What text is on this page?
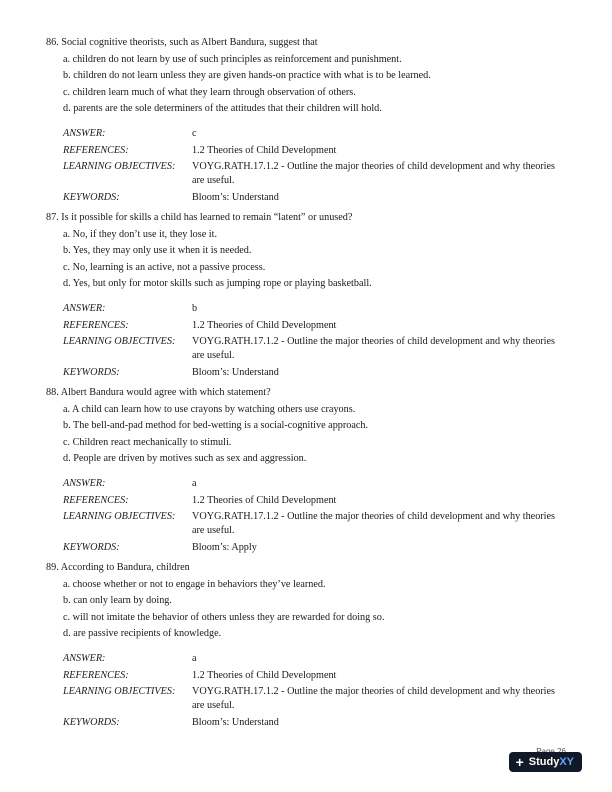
86. Social cognitive theorists, such as Albert Bandura, suggest that

a. children do not learn by use of such principles as reinforcement and punishment.
b. children do not learn unless they are given hands-on practice with what is to be learned.
c. children learn much of what they learn through observation of others.
d. parents are the sole determiners of the attitudes that their children will hold.
ANSWER:	c
REFERENCES:	1.2 Theories of Child Development
LEARNING OBJECTIVES:	VOYG.RATH.17.1.2 - Outline the major theories of child development and why theories are useful.
KEYWORDS:	Bloom’s: Understand

87. Is it possible for skills a child has learned to remain “latent” or unused?

a. No, if they don’t use it, they lose it.
b. Yes, they may only use it when it is needed.
c. No, learning is an active, not a passive process.
d. Yes, but only for motor skills such as jumping rope or playing basketball.
ANSWER:	b
REFERENCES:	1.2 Theories of Child Development
LEARNING OBJECTIVES:	VOYG.RATH.17.1.2 - Outline the major theories of child development and why theories are useful.
KEYWORDS:	Bloom’s: Understand

88. Albert Bandura would agree with which statement?

a. A child can learn how to use crayons by watching others use crayons.
b. The bell-and-pad method for bed-wetting is a social-cognitive approach.
c. Children react mechanically to stimuli.
d. People are driven by motives such as sex and aggression.
ANSWER:	a
REFERENCES:	1.2 Theories of Child Development
LEARNING OBJECTIVES:	VOYG.RATH.17.1.2 - Outline the major theories of child development and why theories are useful.
KEYWORDS:	Bloom’s: Apply

89. According to Bandura, children

a. choose whether or not to engage in behaviors they’ve learned.
b. can only learn by doing.
c. will not imitate the behavior of others unless they are rewarded for doing so.
d. are passive recipients of knowledge.
ANSWER:	a
REFERENCES:	1.2 Theories of Child Development
LEARNING OBJECTIVES:	VOYG.RATH.17.1.2 - Outline the major theories of child development and why theories are useful.
KEYWORDS:	Bloom’s: Understand
+ Study XY
